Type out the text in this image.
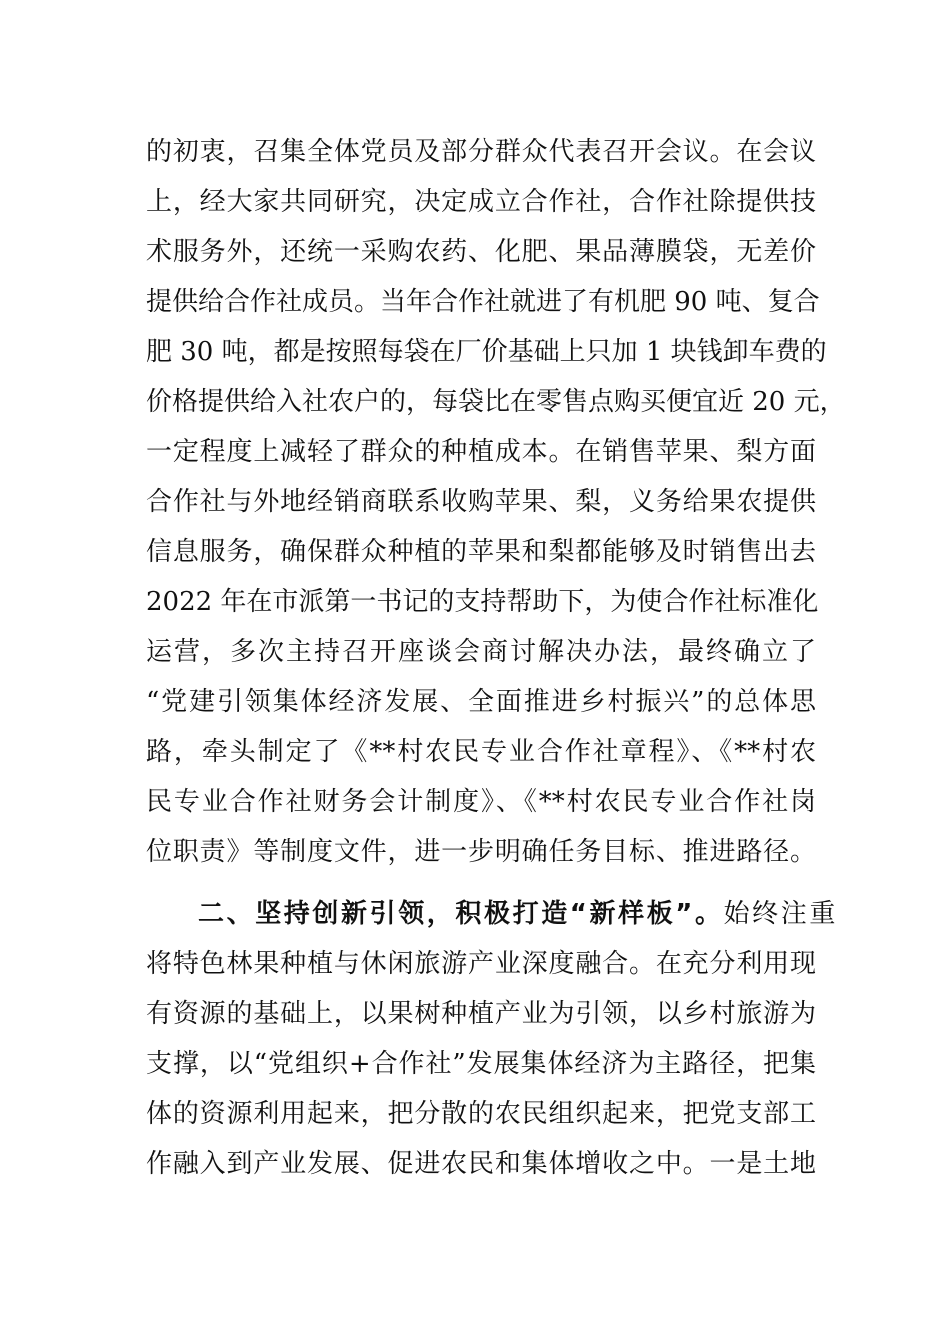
的初衷，召集全体党员及部分群众代表召开会议。在会议
上，经大家共同研究，决定成立合作社，合作社除提供技
术服务外，还统一采购农药、化肥、果品薄膜袋，无差价
提供给合作社成员。当年合作社就进了有机肥 90 吨、复合
肥 30 吨，都是按照每袋在厂价基础上只加 1 块钱卸车费的
价格提供给入社农户的，每袋比在零售点购买便宜近 20 元，
一定程度上减轻了群众的种植成本。在销售苹果、梨方面
合作社与外地经销商联系收购苹果、梨，义务给果农提供
信息服务，确保群众种植的苹果和梨都能够及时销售出去
2022 年在市派第一书记的支持帮助下，为使合作社标准化
运营，多次主持召开座谈会商讨解决办法，最终确立了
“党建引领集体经济发展、全面推进乡村振兴”的总体思
路，牵头制定了《**村农民专业合作社章程》、《**村农
民专业合作社财务会计制度》、《**村农民专业合作社岗
位职责》等制度文件，进一步明确任务目标、推进路径。
二、坚持创新引领，积极打造“新样板”。 始终注重
将特色林果种植与休闲旅游产业深度融合。在充分利用现
有资源的基础上，以果树种植产业为引领，以乡村旅游为
支撑，以“党组织+合作社”发展集体经济为主路径，把集
体的资源利用起来，把分散的农民组织起来，把党支部工
作融入到产业发展、促进农民和集体增收之中。一是土地
